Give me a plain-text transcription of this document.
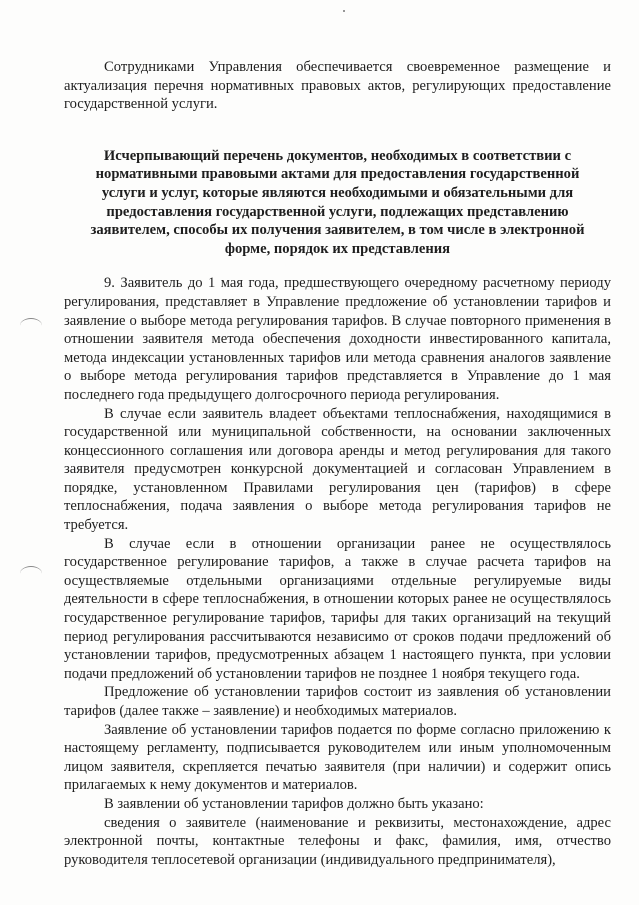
Сотрудниками Управления обеспечивается своевременное размещение и актуализация перечня нормативных правовых актов, регулирующих предоставление государственной услуги.

Исчерпывающий перечень документов, необходимых в соответствии с нормативными правовыми актами для предоставления государственной услуги и услуг, которые являются необходимыми и обязательными для предоставления государственной услуги, подлежащих представлению заявителем, способы их получения заявителем, в том числе в электронной форме, порядок их представления

9. Заявитель до 1 мая года, предшествующего очередному расчетному периоду регулирования, представляет в Управление предложение об установлении тарифов и заявление о выборе метода регулирования тарифов. В случае повторного применения в отношении заявителя метода обеспечения доходности инвестированного капитала, метода индексации установленных тарифов или метода сравнения аналогов заявление о выборе метода регулирования тарифов представляется в Управление до 1 мая последнего года предыдущего долгосрочного периода регулирования.

В случае если заявитель владеет объектами теплоснабжения, находящимися в государственной или муниципальной собственности, на основании заключенных концессионного соглашения или договора аренды и метод регулирования для такого заявителя предусмотрен конкурсной документацией и согласован Управлением в порядке, установленном Правилами регулирования цен (тарифов) в сфере теплоснабжения, подача заявления о выборе метода регулирования тарифов не требуется.

В случае если в отношении организации ранее не осуществлялось государственное регулирование тарифов, а также в случае расчета тарифов на осуществляемые отдельными организациями отдельные регулируемые виды деятельности в сфере теплоснабжения, в отношении которых ранее не осуществлялось государственное регулирование тарифов, тарифы для таких организаций на текущий период регулирования рассчитываются независимо от сроков подачи предложений об установлении тарифов, предусмотренных абзацем 1 настоящего пункта, при условии подачи предложений об установлении тарифов не позднее 1 ноября текущего года.

Предложение об установлении тарифов состоит из заявления об установлении тарифов (далее также – заявление) и необходимых материалов.

Заявление об установлении тарифов подается по форме согласно приложению к настоящему регламенту, подписывается руководителем или иным уполномоченным лицом заявителя, скрепляется печатью заявителя (при наличии) и содержит опись прилагаемых к нему документов и материалов.

В заявлении об установлении тарифов должно быть указано:

сведения о заявителе (наименование и реквизиты, местонахождение, адрес электронной почты, контактные телефоны и факс, фамилия, имя, отчество руководителя теплосетевой организации (индивидуального предпринимателя),
